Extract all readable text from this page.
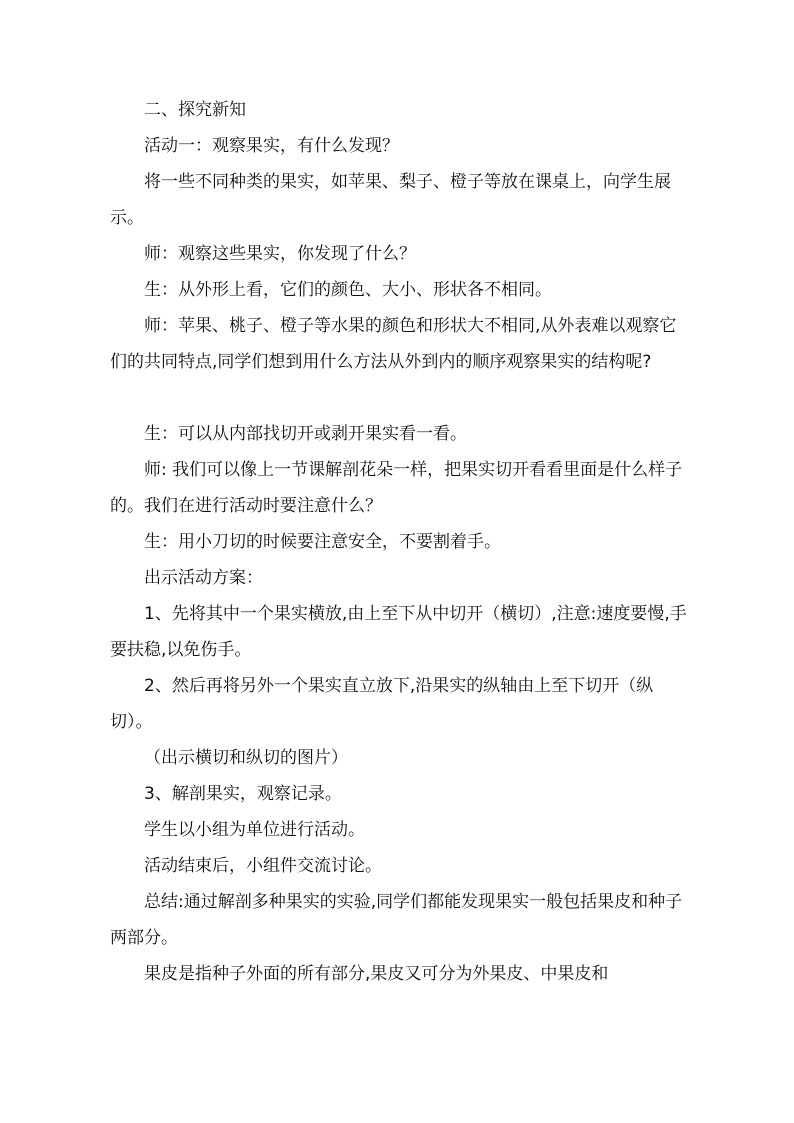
二、探究新知

活动一：观察果实，有什么发现？

将一些不同种类的果实，如苹果、梨子、橙子等放在课桌上，向学生展示。

师：观察这些果实，你发现了什么？

生：从外形上看，它们的颜色、大小、形状各不相同。

师：苹果、桃子、橙子等水果的颜色和形状大不相同,从外表难以观察它们的共同特点,同学们想到用什么方法从外到内的顺序观察果实的结构呢?

生：可以从内部找切开或剥开果实看一看。

师: 我们可以像上一节课解剖花朵一样，把果实切开看看里面是什么样子的。我们在进行活动时要注意什么？

生：用小刀切的时候要注意安全，不要割着手。

出示活动方案：

1、先将其中一个果实横放,由上至下从中切开（横切）,注意:速度要慢,手要扶稳,以免伤手。

2、然后再将另外一个果实直立放下,沿果实的纵轴由上至下切开（纵切）。

（出示横切和纵切的图片）

3、解剖果实，观察记录。

学生以小组为单位进行活动。

活动结束后，小组件交流讨论。

总结:通过解剖多种果实的实验,同学们都能发现果实一般包括果皮和种子两部分。

果皮是指种子外面的所有部分,果皮又可分为外果皮、中果皮和
